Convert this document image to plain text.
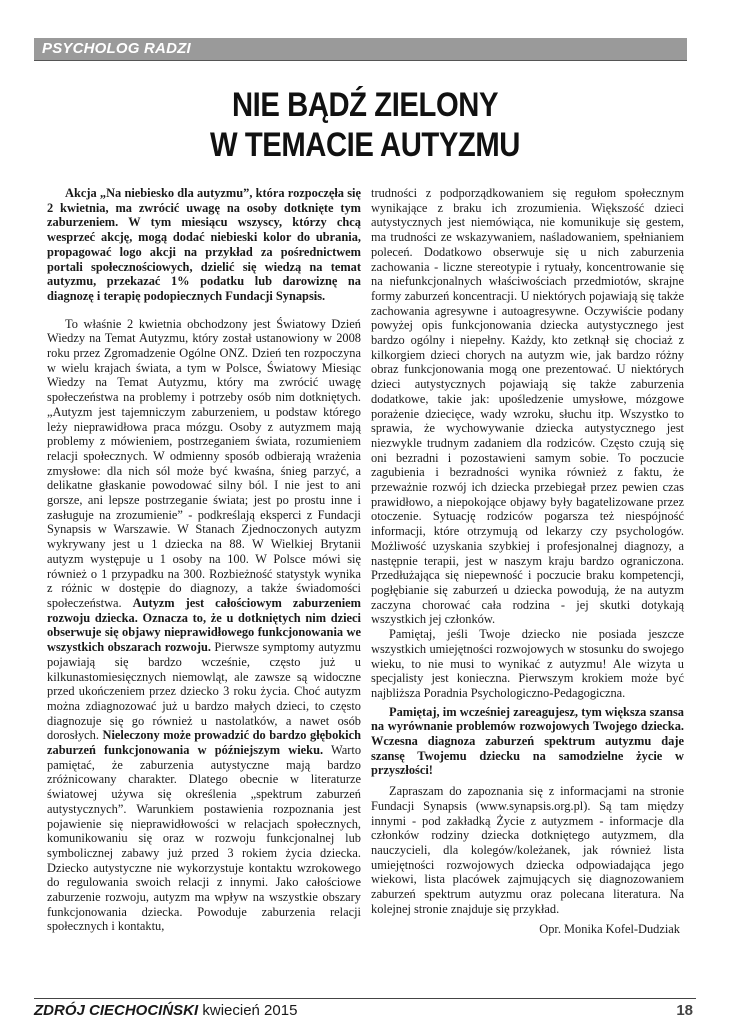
PSYCHOLOG RADZI
NIE BĄDŹ ZIELONY
W TEMACIE AUTYZMU

Akcja „Na niebiesko dla autyzmu”, która rozpoczęła się 2 kwietnia, ma zwrócić uwagę na osoby dotknięte tym zaburzeniem. W tym miesiącu wszyscy, którzy chcą wesprzeć akcję, mogą dodać niebieski kolor do ubrania, propagować logo akcji na przykład za pośrednictwem portali społecznościowych, dzielić się wiedzą na temat autyzmu, przekazać 1% podatku lub darowiznę na diagnozę i terapię podopiecznych Fundacji Synapsis.

To właśnie 2 kwietnia obchodzony jest Światowy Dzień Wiedzy na Temat Autyzmu, który został ustanowiony w 2008 roku przez Zgromadzenie Ogólne ONZ. Dzień ten rozpoczyna w wielu krajach świata, a tym w Polsce, Światowy Miesiąc Wiedzy na Temat Autyzmu, który ma zwrócić uwagę społeczeństwa na problemy i potrzeby osób nim dotkniętych. „Autyzm jest tajemniczym zaburzeniem, u podstaw którego leży nieprawidłowa praca mózgu. Osoby z autyzmem mają problemy z mówieniem, postrzeganiem świata, rozumieniem relacji społecznych. W odmienny sposób odbierają wrażenia zmysłowe: dla nich sól może być kwaśna, śnieg parzyć, a delikatne głaskanie powodować silny ból. I nie jest to ani gorsze, ani lepsze postrzeganie świata; jest po prostu inne i zasługuje na zrozumienie” - podkreślają eksperci z Fundacji Synapsis w Warszawie. W Stanach Zjednoczonych autyzm wykrywany jest u 1 dziecka na 88. W Wielkiej Brytanii autyzm występuje u 1 osoby na 100. W Polsce mówi się również o 1 przypadku na 300. Rozbieżność statystyk wynika z różnic w dostępie do diagnozy, a także świadomości społeczeństwa. Autyzm jest całościowym zaburzeniem rozwoju dziecka. Oznacza to, że u dotkniętych nim dzieci obserwuje się objawy nieprawidłowego funkcjonowania we wszystkich obszarach rozwoju. Pierwsze symptomy autyzmu pojawiają się bardzo wcześnie, często już u kilkunastomiesięcznych niemowląt, ale zawsze są widoczne przed ukończeniem przez dziecko 3 roku życia. Choć autyzm można zdiagnozować już u bardzo małych dzieci, to często diagnozuje się go również u nastolatków, a nawet osób dorosłych. Nieleczony może prowadzić do bardzo głębokich zaburzeń funkcjonowania w późniejszym wieku. Warto pamiętać, że zaburzenia autystyczne mają bardzo zróżnicowany charakter. Dlatego obecnie w literaturze światowej używa się określenia „spektrum zaburzeń autystycznych”. Warunkiem postawienia rozpoznania jest pojawienie się nieprawidłowości w relacjach społecznych, komunikowaniu się oraz w rozwoju funkcjonalnej lub symbolicznej zabawy już przed 3 rokiem życia dziecka. Dziecko autystyczne nie wykorzystuje kontaktu wzrokowego do regulowania swoich relacji z innymi. Jako całościowe zaburzenie rozwoju, autyzm ma wpływ na wszystkie obszary funkcjonowania dziecka. Powoduje zaburzenia relacji społecznych i kontaktu,

trudności z podporządkowaniem się regułom społecznym wynikające z braku ich zrozumienia. Większość dzieci autystycznych jest niemówiąca, nie komunikuje się gestem, ma trudności ze wskazywaniem, naśladowaniem, spełnianiem poleceń. Dodatkowo obserwuje się u nich zaburzenia zachowania - liczne stereotypie i rytuały, koncentrowanie się na niefunkcjonalnych właściwościach przedmiotów, skrajne formy zaburzeń koncentracji. U niektórych pojawiają się także zachowania agresywne i autoagresywne. Oczywiście podany powyżej opis funkcjonowania dziecka autystycznego jest bardzo ogólny i niepełny. Każdy, kto zetknął się chociaż z kilkorgiem dzieci chorych na autyzm wie, jak bardzo różny obraz funkcjonowania mogą one prezentować. U niektórych dzieci autystycznych pojawiają się także zaburzenia dodatkowe, takie jak: upośledzenie umysłowe, mózgowe porażenie dziecięce, wady wzroku, słuchu itp. Wszystko to sprawia, że wychowywanie dziecka autystycznego jest niezwykle trudnym zadaniem dla rodziców. Często czują się oni bezradni i pozostawieni samym sobie. To poczucie zagubienia i bezradności wynika również z faktu, że przeważnie rozwój ich dziecka przebiegał przez pewien czas prawidłowo, a niepokojące objawy były bagatelizowane przez otoczenie. Sytuację rodziców pogarsza też niespójność informacji, które otrzymują od lekarzy czy psychologów. Możliwość uzyskania szybkiej i profesjonalnej diagnozy, a następnie terapii, jest w naszym kraju bardzo ograniczona. Przedłużająca się niepewność i poczucie braku kompetencji, pogłębianie się zaburzeń u dziecka powodują, że na autyzm zaczyna chorować cała rodzina - jej skutki dotykają wszystkich jej członków.

Pamiętaj, jeśli Twoje dziecko nie posiada jeszcze wszystkich umiejętności rozwojowych w stosunku do swojego wieku, to nie musi to wynikać z autyzmu! Ale wizyta u specjalisty jest konieczna. Pierwszym krokiem może być najbliższa Poradnia Psychologiczno-Pedagogiczna.

Pamiętaj, im wcześniej zareagujesz, tym większa szansa na wyrównanie problemów rozwojowych Twojego dziecka. Wczesna diagnoza zaburzeń spektrum autyzmu daje szansę Twojemu dziecku na samodzielne życie w przyszłości!

Zapraszam do zapoznania się z informacjami na stronie Fundacji Synapsis (www.synapsis.org.pl). Są tam między innymi - pod zakładką Życie z autyzmem - informacje dla członków rodziny dziecka dotkniętego autyzmem, dla nauczycieli, dla kolegów/koleżanek, jak również lista umiejętności rozwojowych dziecka odpowiadająca jego wiekowi, lista placówek zajmujących się diagnozowaniem zaburzeń spektrum autyzmu oraz polecana literatura. Na kolejnej stronie znajduje się przykład.

Opr. Monika Kofel-Dudziak

ZDRÓJ CIECHOCIŃSKI kwiecień 2015	18
